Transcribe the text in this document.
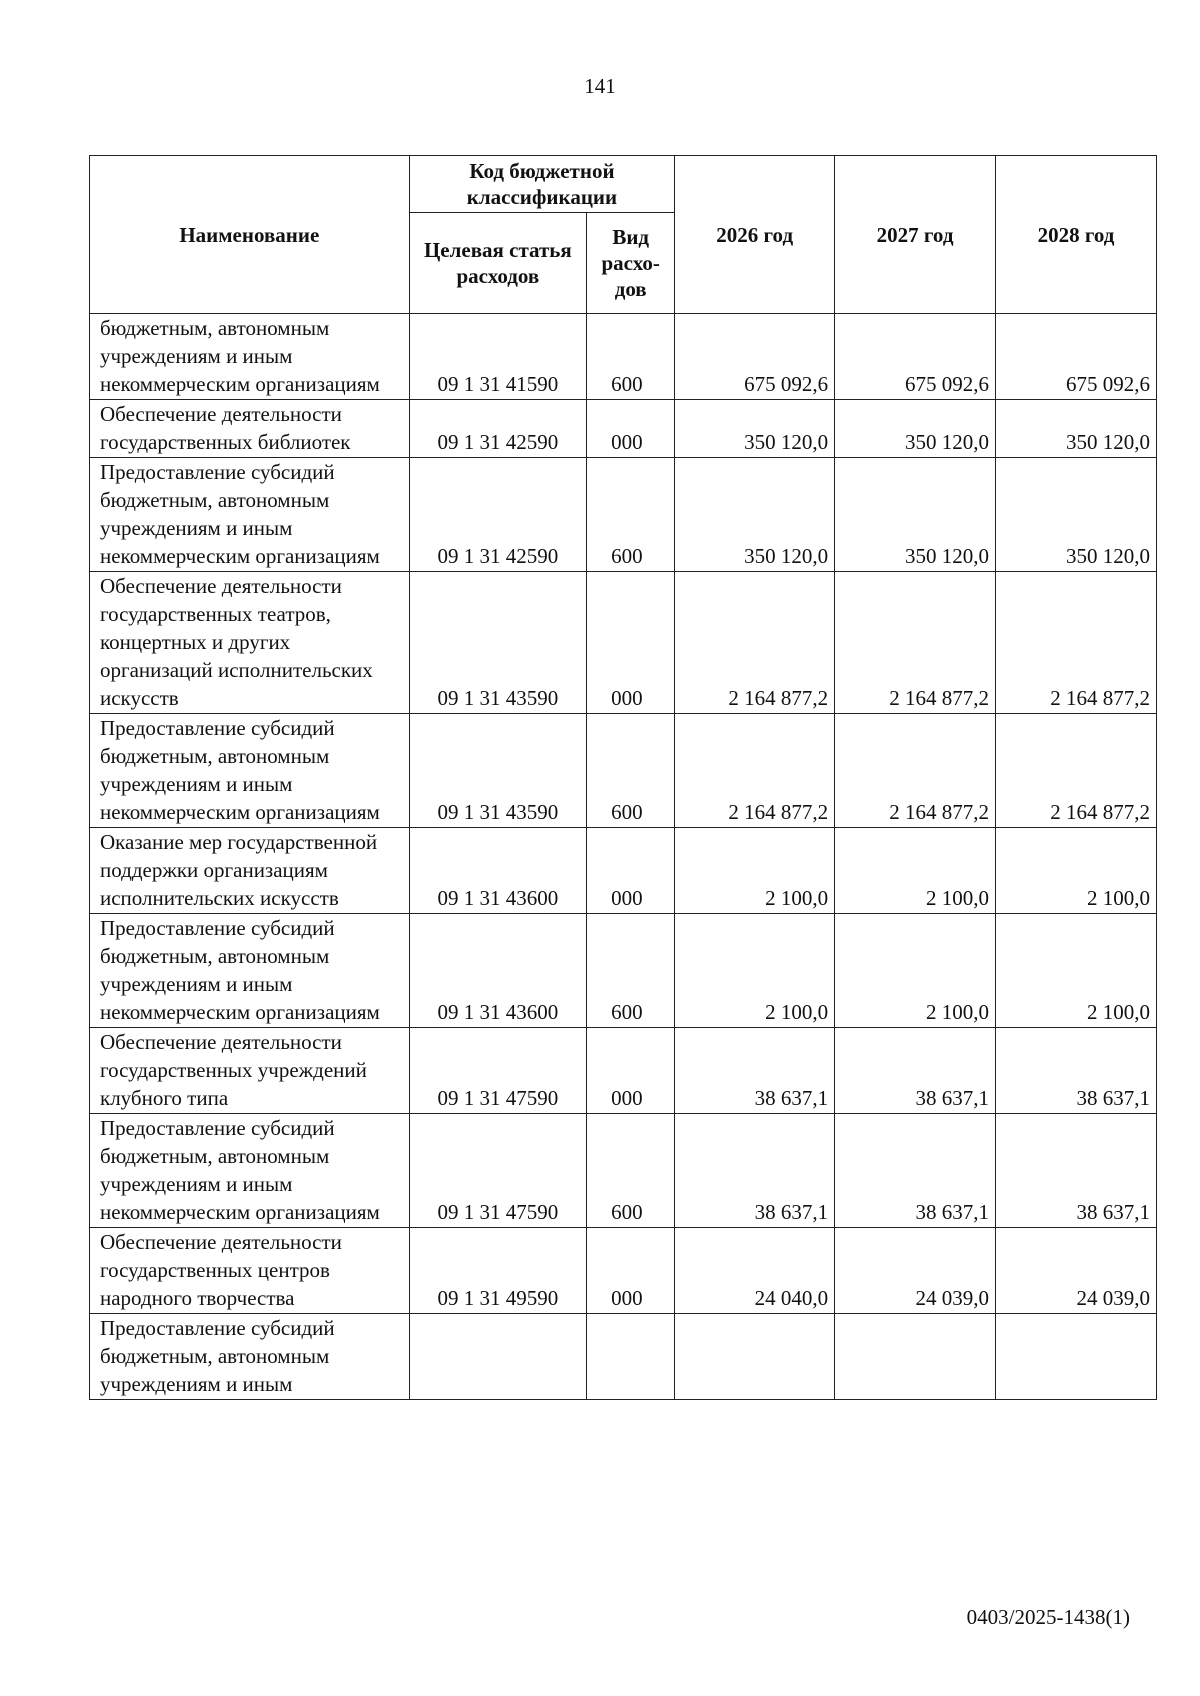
141
Наименование	Код бюджетной классификации		2026 год	2027 год	2028 год
	Целевая статья расходов	Вид расхо-дов			
бюджетным, автономным учреждениям и иным некоммерческим организациям	09 1 31 41590	600	675 092,6	675 092,6	675 092,6
Обеспечение деятельности государственных библиотек	09 1 31 42590	000	350 120,0	350 120,0	350 120,0
Предоставление субсидий бюджетным, автономным учреждениям и иным некоммерческим организациям	09 1 31 42590	600	350 120,0	350 120,0	350 120,0
Обеспечение деятельности государственных театров, концертных и других организаций исполнительских искусств	09 1 31 43590	000	2 164 877,2	2 164 877,2	2 164 877,2
Предоставление субсидий бюджетным, автономным учреждениям и иным некоммерческим организациям	09 1 31 43590	600	2 164 877,2	2 164 877,2	2 164 877,2
Оказание мер государственной поддержки организациям исполнительских искусств	09 1 31 43600	000	2 100,0	2 100,0	2 100,0
Предоставление субсидий бюджетным, автономным учреждениям и иным некоммерческим организациям	09 1 31 43600	600	2 100,0	2 100,0	2 100,0
Обеспечение деятельности государственных учреждений клубного типа	09 1 31 47590	000	38 637,1	38 637,1	38 637,1
Предоставление субсидий бюджетным, автономным учреждениям и иным некоммерческим организациям	09 1 31 47590	600	38 637,1	38 637,1	38 637,1
Обеспечение деятельности государственных центров народного творчества	09 1 31 49590	000	24 040,0	24 039,0	24 039,0
Предоставление субсидий бюджетным, автономным учреждениям и иным					
0403/2025-1438(1)
